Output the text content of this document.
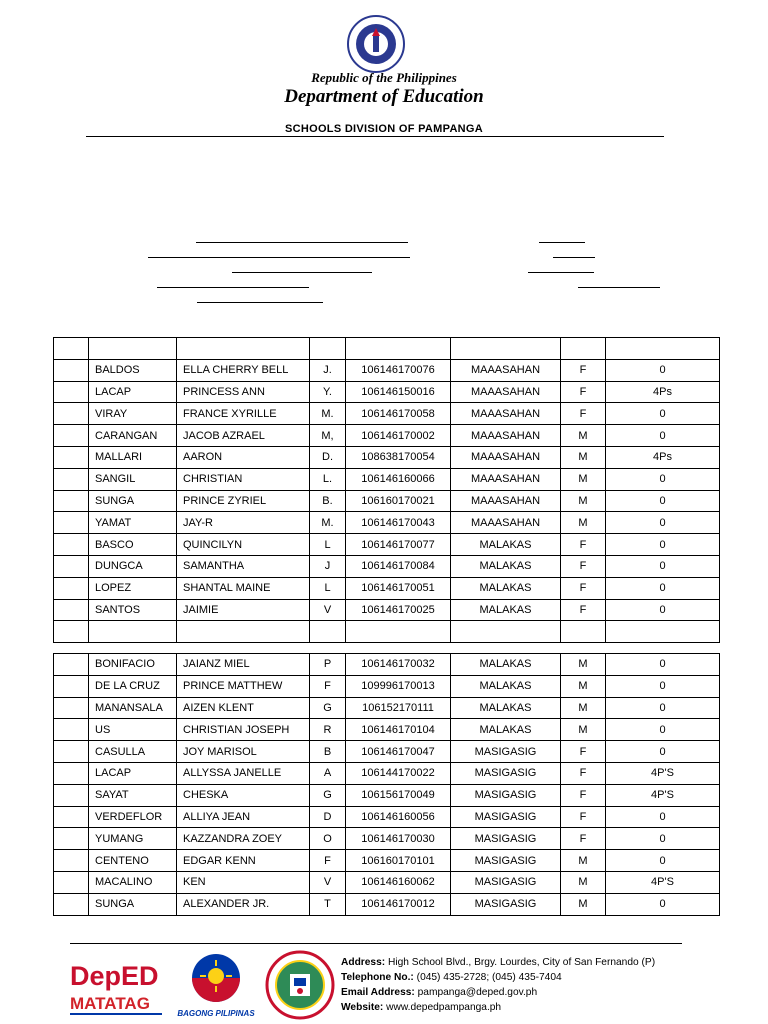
Republic of the Philippines
Department of Education
SCHOOLS DIVISION OF PAMPANGA

	BALDOS	ELLA CHERRY BELL	J.	106146170076	MAAASAHAN	F	0
	LACAP	PRINCESS ANN	Y.	106146150016	MAAASAHAN	F	4Ps
	VIRAY	FRANCE XYRILLE	M.	106146170058	MAAASAHAN	F	0
	CARANGAN	JACOB AZRAEL	M,	106146170002	MAAASAHAN	M	0
	MALLARI	AARON	D.	108638170054	MAAASAHAN	M	4Ps
	SANGIL	CHRISTIAN	L.	106146160066	MAAASAHAN	M	0
	SUNGA	PRINCE ZYRIEL	B.	106160170021	MAAASAHAN	M	0
	YAMAT	JAY-R	M.	106146170043	MAAASAHAN	M	0
	BASCO	QUINCILYN	L	106146170077	MALAKAS	F	0
	DUNGCA	SAMANTHA	J	106146170084	MALAKAS	F	0
	LOPEZ	SHANTAL MAINE	L	106146170051	MALAKAS	F	0
	SANTOS	JAIMIE	V	106146170025	MALAKAS	F	0

	BONIFACIO	JAIANZ MIEL	P	106146170032	MALAKAS	M	0
	DE LA CRUZ	PRINCE MATTHEW	F	109996170013	MALAKAS	M	0
	MANANSALA	AIZEN KLENT	G	106152170111	MALAKAS	M	0
	US	CHRISTIAN JOSEPH	R	106146170104	MALAKAS	M	0
	CASULLA	JOY MARISOL	B	106146170047	MASIGASIG	F	0
	LACAP	ALLYSSA JANELLE	A	106144170022	MASIGASIG	F	4P'S
	SAYAT	CHESKA	G	106156170049	MASIGASIG	F	4P'S
	VERDEFLOR	ALLIYA JEAN	D	106146160056	MASIGASIG	F	0
	YUMANG	KAZZANDRA ZOEY	O	106146170030	MASIGASIG	F	0
	CENTENO	EDGAR KENN	F	106160170101	MASIGASIG	M	0
	MACALINO	KEN	V	106146160062	MASIGASIG	M	4P'S
	SUNGA	ALEXANDER JR.	T	106146170012	MASIGASIG	M	0
DepED
MATATAG
BAGONG PILIPINAS
Address: High School Blvd., Brgy. Lourdes, City of San Fernando (P)
Telephone No.: (045) 435-2728; (045) 435-7404
Email Address: pampanga@deped.gov.ph
Website: www.depedpampanga.ph
